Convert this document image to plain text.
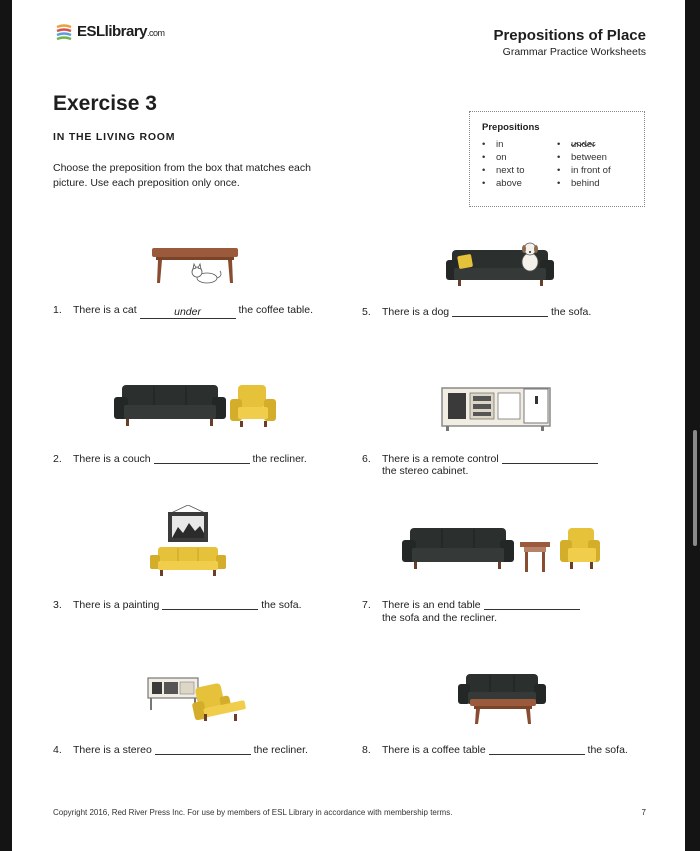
ESLlibrary.com	Prepositions of Place
Grammar Practice Worksheets
Exercise 3
IN THE LIVING ROOM
Choose the preposition from the box that matches each picture. Use each preposition only once.
Prepositions
• in
• on
• next to
• above
• under
• between
• in front of
• behind
1. There is a cat	under	the coffee table.
2. There is a couch	the recliner.
3. There is a painting	the sofa.
4. There is a stereo	the recliner.
5. There is a dog	the sofa.
6. There is a remote control
the stereo cabinet.
7. There is an end table
the sofa and the recliner.
8. There is a coffee table	the sofa.
Copyright 2016, Red River Press Inc. For use by members of ESL Library in accordance with membership terms.	7
